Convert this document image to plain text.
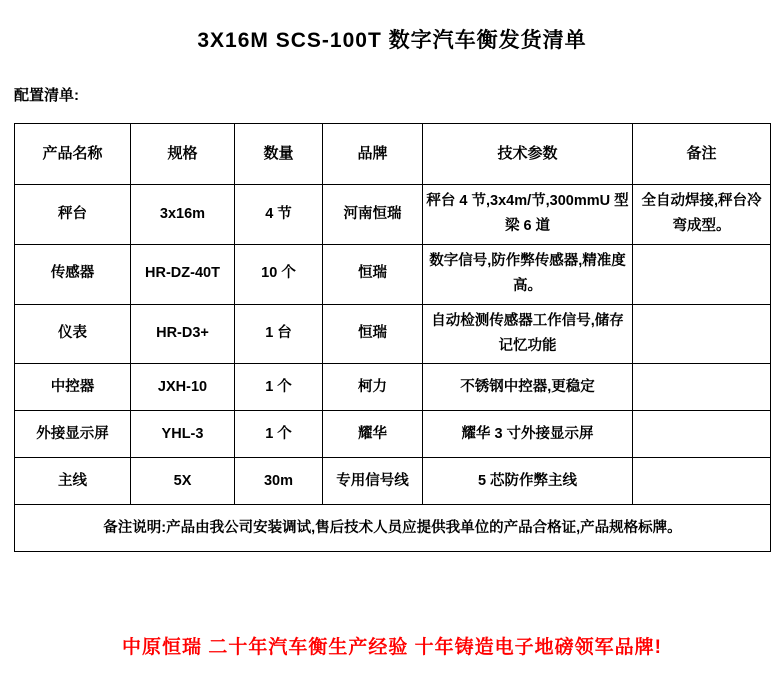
3X16M SCS-100T 数字汽车衡发货清单
配置清单:
产品名称	规格	数量	品牌	技术参数	备注
秤台	3x16m	4 节	河南恒瑞	秤台 4 节,3x4m/节,300mmU 型梁 6 道	全自动焊接,秤台冷弯成型。
传感器	HR-DZ-40T	10 个	恒瑞	数字信号,防作弊传感器,精准度高。	
仪表	HR-D3+	1 台	恒瑞	自动检测传感器工作信号,储存记忆功能	
中控器	JXH-10	1 个	柯力	不锈钢中控器,更稳定	
外接显示屏	YHL-3	1 个	耀华	耀华 3 寸外接显示屏	
主线	5X	30m	专用信号线	5 芯防作弊主线	
备注说明:产品由我公司安装调试,售后技术人员应提供我单位的产品合格证,产品规格标牌。					
中原恒瑞 二十年汽车衡生产经验 十年铸造电子地磅领军品牌!
